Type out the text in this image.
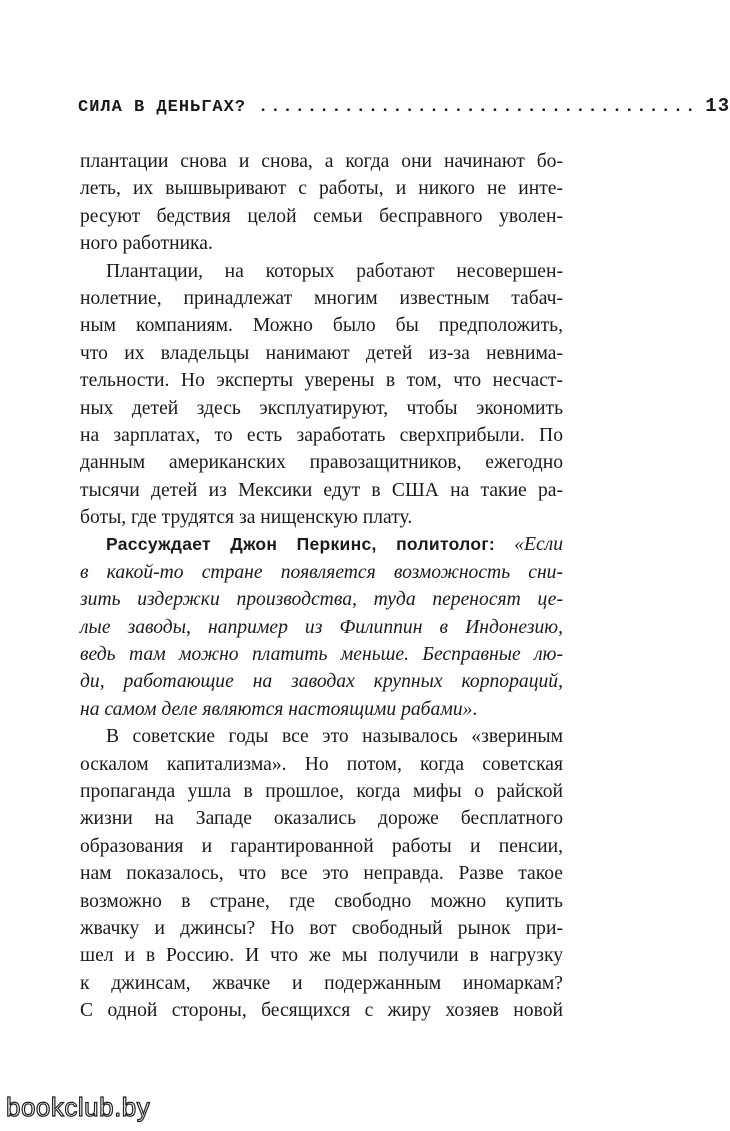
СИЛА В ДЕНЬГАХ? .................................... 13
плантации снова и снова, а когда они начинают бо-
леть, их вышвыривают с работы, и никого не инте-
ресуют бедствия целой семьи бесправного уволен-
ного работника.
Плантации, на которых работают несовершен-
нолетние, принадлежат многим известным табач-
ным компаниям. Можно было бы предположить,
что их владельцы нанимают детей из-за невнима-
тельности. Но эксперты уверены в том, что несчаст-
ных детей здесь эксплуатируют, чтобы экономить
на зарплатах, то есть заработать сверхприбыли. По
данным американских правозащитников, ежегодно
тысячи детей из Мексики едут в США на такие ра-
боты, где трудятся за нищенскую плату.
Рассуждает Джон Перкинс, политолог: «Если
в какой-то стране появляется возможность сни-
зить издержки производства, туда переносят це-
лые заводы, например из Филиппин в Индонезию,
ведь там можно платить меньше. Бесправные лю-
ди, работающие на заводах крупных корпораций,
на самом деле являются настоящими рабами».
В советские годы все это называлось «звериным
оскалом капитализма». Но потом, когда советская
пропаганда ушла в прошлое, когда мифы о райской
жизни на Западе оказались дороже бесплатного
образования и гарантированной работы и пенсии,
нам показалось, что все это неправда. Разве такое
возможно в стране, где свободно можно купить
жвачку и джинсы? Но вот свободный рынок при-
шел и в Россию. И что же мы получили в нагрузку
к джинсам, жвачке и подержанным иномаркам?
С одной стороны, бесящихся с жиру хозяев новой
bookclub.by
